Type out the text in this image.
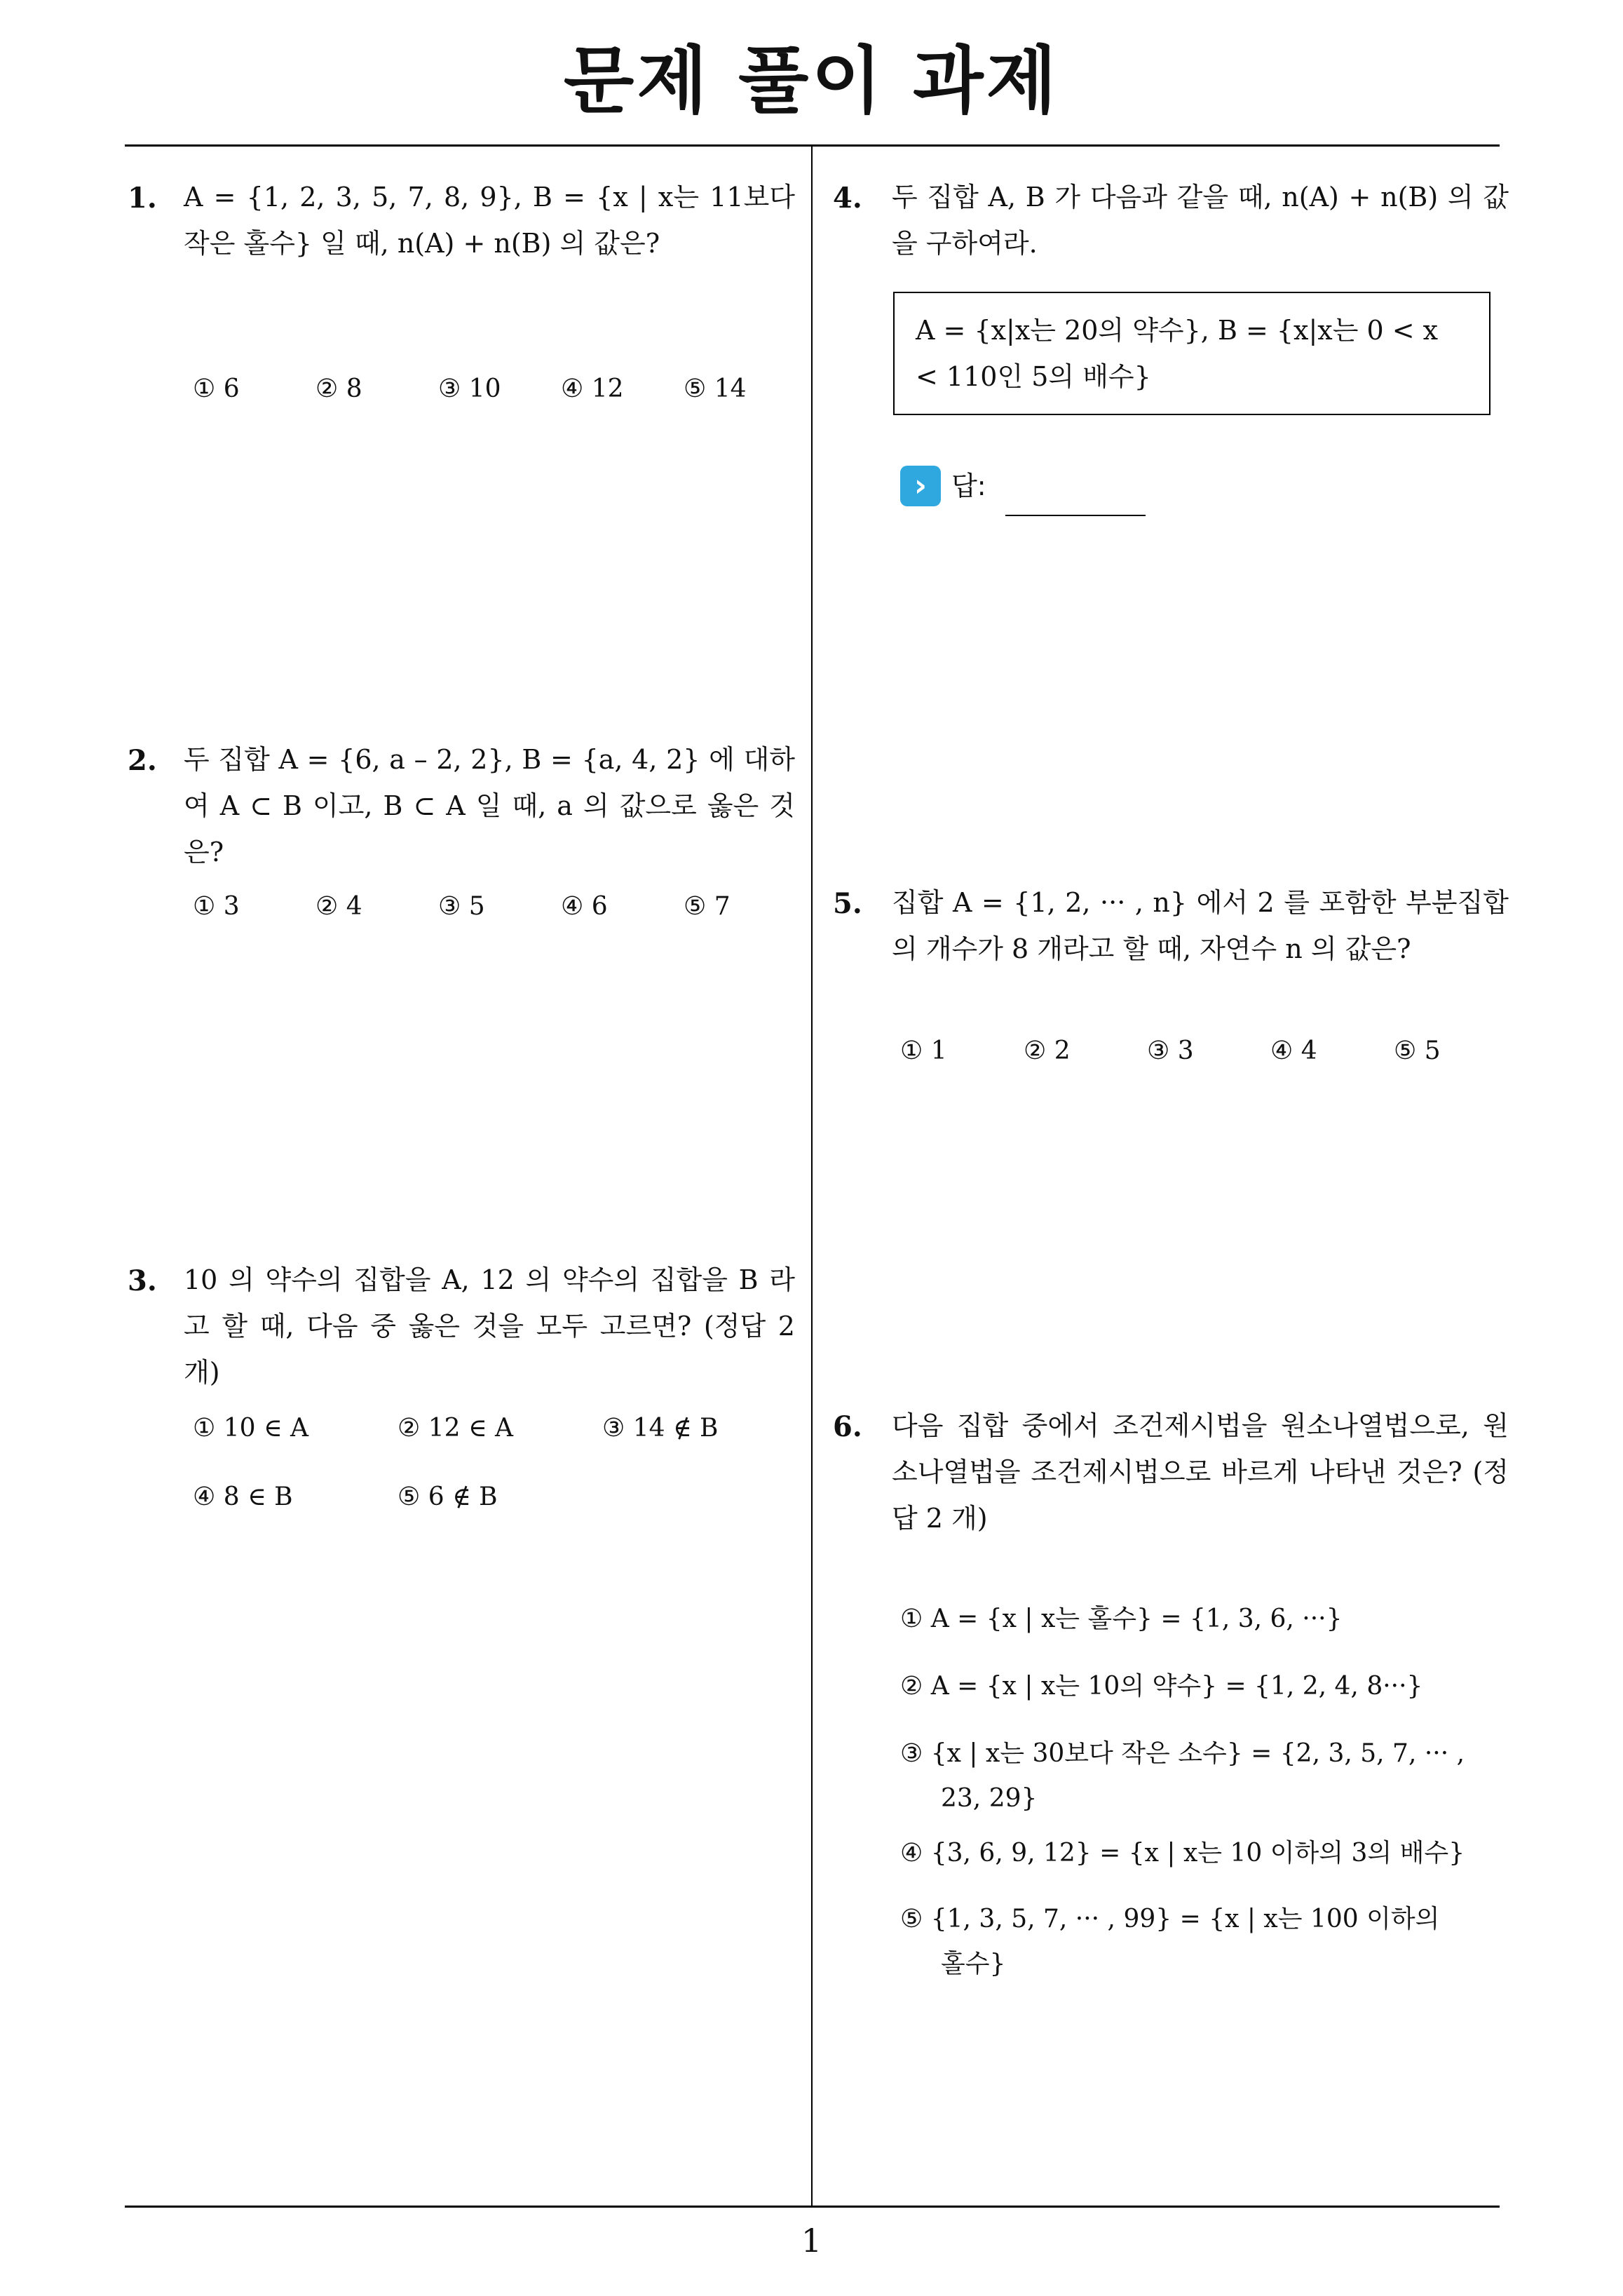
문제 풀이 과제
1. A = {1, 2, 3, 5, 7, 8, 9}, B = {x | x는 11보다 작은 홀수} 일 때, n(A) + n(B) 의 값은?
① 6	② 8	③ 10 ④ 12 ⑤ 14
2. 두 집합 A = {6, a – 2, 2}, B = {a, 4, 2} 에 대하여 A ⊂ B 이고, B ⊂ A 일 때, a 의 값으로 옳은 것은?
① 3	② 4	③ 5	④ 6	⑤ 7
3. 10 의 약수의 집합을 A, 12 의 약수의 집합을 B 라고 할 때, 다음 중 옳은 것을 모두 고르면? (정답 2 개)
① 10 ∈ A	② 12 ∈ A	③ 14 ∉ B
④ 8 ∈ B	⑤ 6 ∉ B
4. 두 집합 A, B 가 다음과 같을 때, n(A) + n(B) 의 값을 구하여라.
A = {x|x는 20의 약수}, B = {x|x는 0 < x < 110인 5의 배수}
› 답:
5. 집합 A = {1, 2, ··· , n} 에서 2 를 포함한 부분집합의 개수가 8 개라고 할 때, 자연수 n 의 값은?
① 1	② 2	③ 3	④ 4	⑤ 5
6. 다음 집합 중에서 조건제시법을 원소나열법으로, 원소나열법을 조건제시법으로 바르게 나타낸 것은? (정답 2 개)
① A = {x | x는 홀수} = {1, 3, 6, ···}
② A = {x | x는 10의 약수} = {1, 2, 4, 8···}
③ {x | x는 30보다 작은 소수} = {2, 3, 5, 7, ··· ,
23, 29}
④ {3, 6, 9, 12} = {x | x는 10 이하의 3의 배수}
⑤ {1, 3, 5, 7, ··· , 99} = {x | x는 100 이하의
홀수}
1
